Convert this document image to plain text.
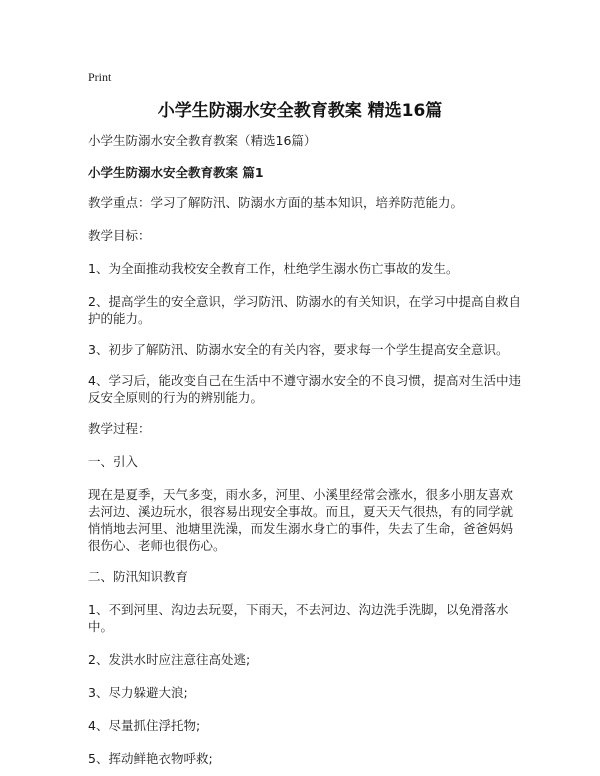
Print
小学生防溺水安全教育教案 精选16篇

小学生防溺水安全教育教案（精选16篇）

小学生防溺水安全教育教案 篇1

教学重点：学习了解防汛、防溺水方面的基本知识，培养防范能力。

教学目标：

1、为全面推动我校安全教育工作，杜绝学生溺水伤亡事故的发生。

2、提高学生的安全意识，学习防汛、防溺水的有关知识，在学习中提高自救自护的能力。

3、初步了解防汛、防溺水安全的有关内容，要求每一个学生提高安全意识。

4、学习后，能改变自己在生活中不遵守溺水安全的不良习惯，提高对生活中违反安全原则的行为的辨别能力。

教学过程：

一、引入

现在是夏季，天气多变，雨水多，河里、小溪里经常会涨水，很多小朋友喜欢去河边、溪边玩水，很容易出现安全事故。而且，夏天天气很热，有的同学就悄悄地去河里、池塘里洗澡，而发生溺水身亡的事件，失去了生命，爸爸妈妈很伤心、老师也很伤心。

二、防汛知识教育

1、不到河里、沟边去玩耍，下雨天，不去河边、沟边洗手洗脚，以免滑落水中。

2、发洪水时应注意往高处逃;

3、尽力躲避大浪;

4、尽量抓住浮托物;

5、挥动鲜艳衣物呼救;
